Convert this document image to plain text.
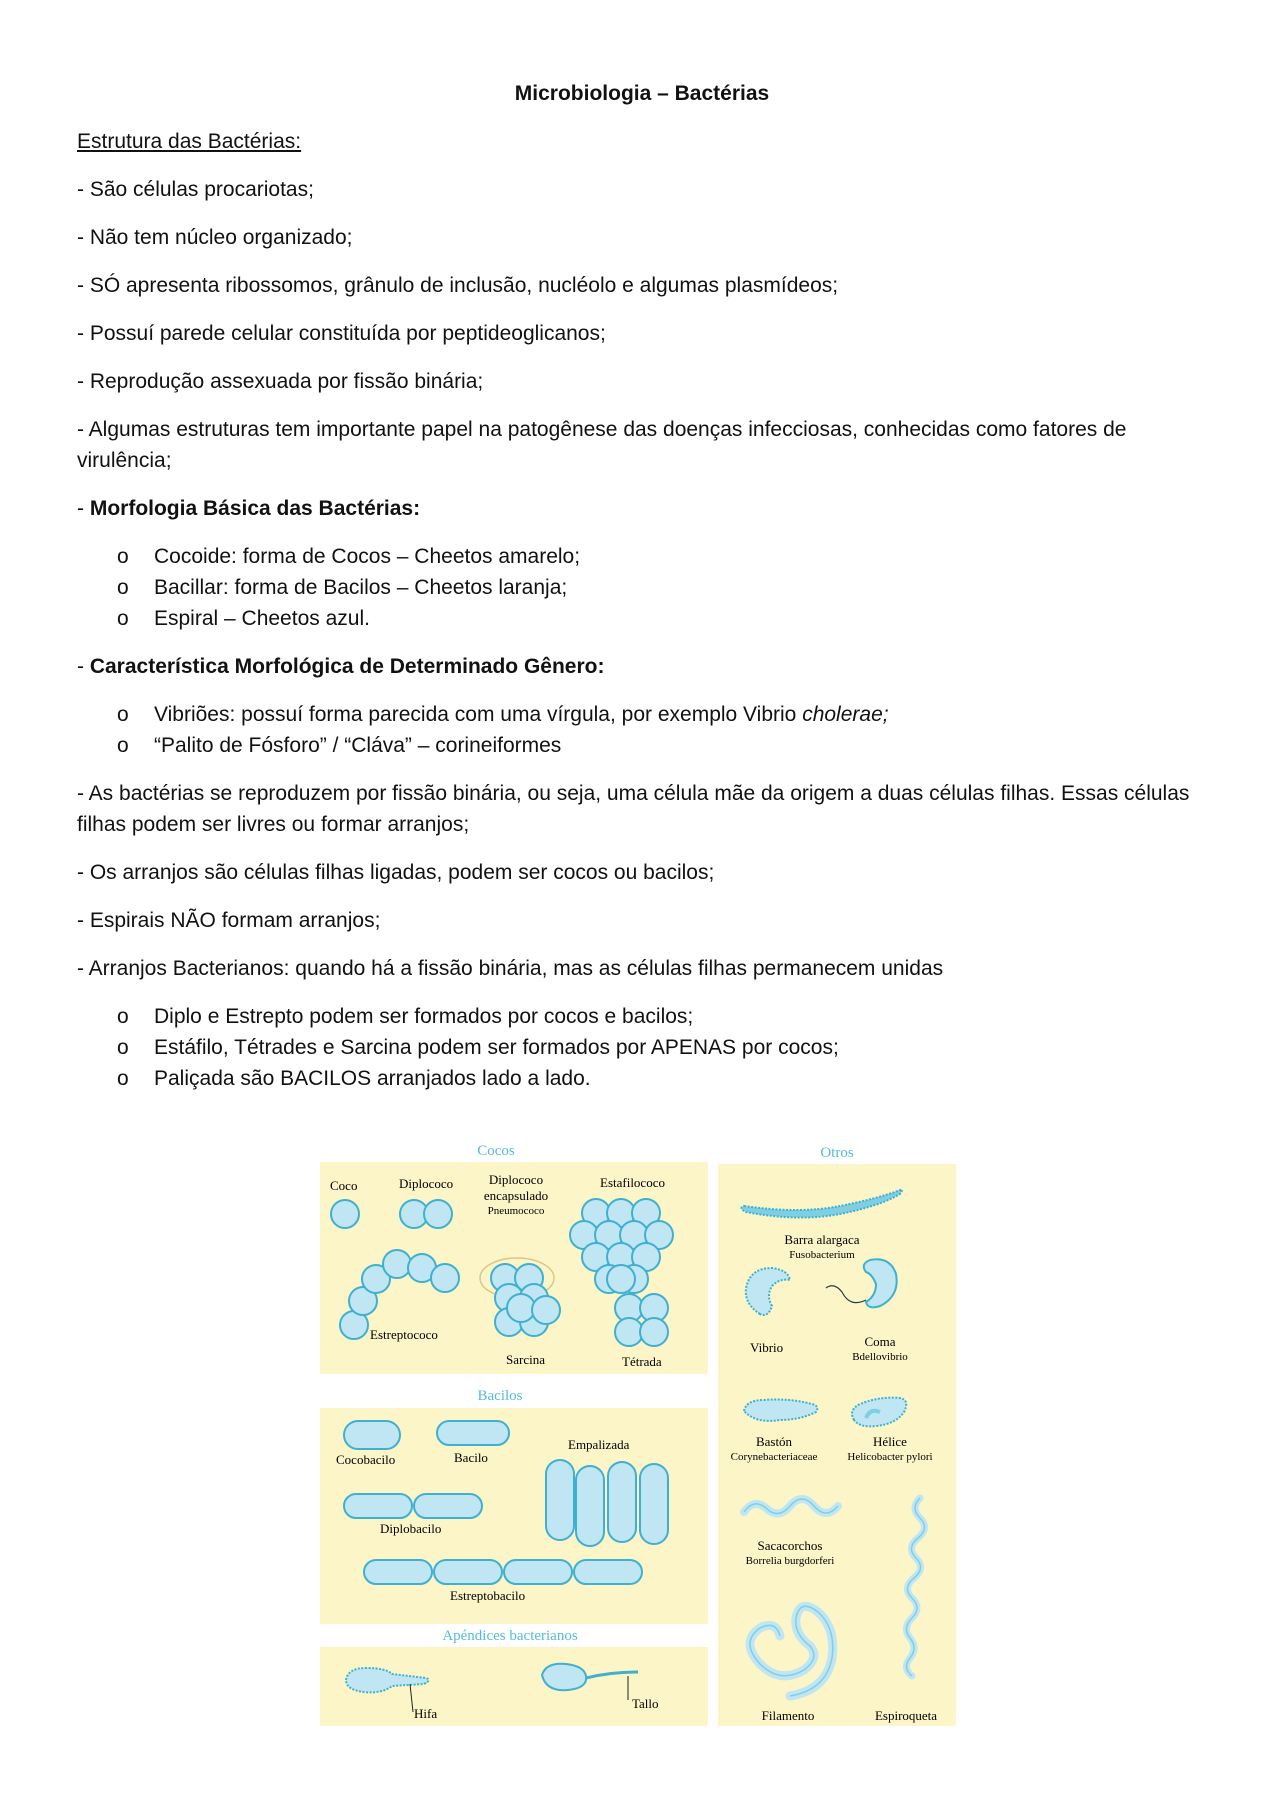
Microbiologia – Bactérias
Estrutura das Bactérias:
- São células procariotas;
- Não tem núcleo organizado;
- SÓ apresenta ribossomos, grânulo de inclusão, nucléolo e algumas plasmídeos;
- Possuí parede celular constituída por peptideoglicanos;
- Reprodução assexuada por fissão binária;
- Algumas estruturas tem importante papel na patogênese das doenças infecciosas, conhecidas como fatores de virulência;
- Morfologia Básica das Bactérias:
o Cocoide: forma de Cocos – Cheetos amarelo;
o Bacillar: forma de Bacilos – Cheetos laranja;
o Espiral – Cheetos azul.
- Característica Morfológica de Determinado Gênero:
o Vibriões: possuí forma parecida com uma vírgula, por exemplo Vibrio cholerae;
o “Palito de Fósforo” / “Cláva” – corineiformes
- As bactérias se reproduzem por fissão binária, ou seja, uma célula mãe da origem a duas células filhas. Essas células filhas podem ser livres ou formar arranjos;
- Os arranjos são células filhas ligadas, podem ser cocos ou bacilos;
- Espirais NÃO formam arranjos;
- Arranjos Bacterianos: quando há a fissão binária, mas as células filhas permanecem unidas
o Diplo e Estrepto podem ser formados por cocos e bacilos;
o Estáfilo, Tétrades e Sarcina podem ser formados por APENAS por cocos;
o Paliçada são BACILOS arranjados lado a lado.
Cocos	Otros
Bacilos
Apéndices bacterianos
Coco	Diplococo	Diplococo
encapsulado
Pneumococo
Estafilococo
Estreptococo
Sarcina	Tétrada
Cocobacilo	Bacilo
Empalizada
Diplobacilo
Estreptobacilo
Hifa
Tallo
Barra alargaca
Fusobacterium
Vibrio	Coma
Bdellovibrio
Bastón
Corynebacteriaceae
Hélice
Helicobacter pylori
Sacacorchos
Borrelia burgdorferi
Filamento	Espiroqueta
